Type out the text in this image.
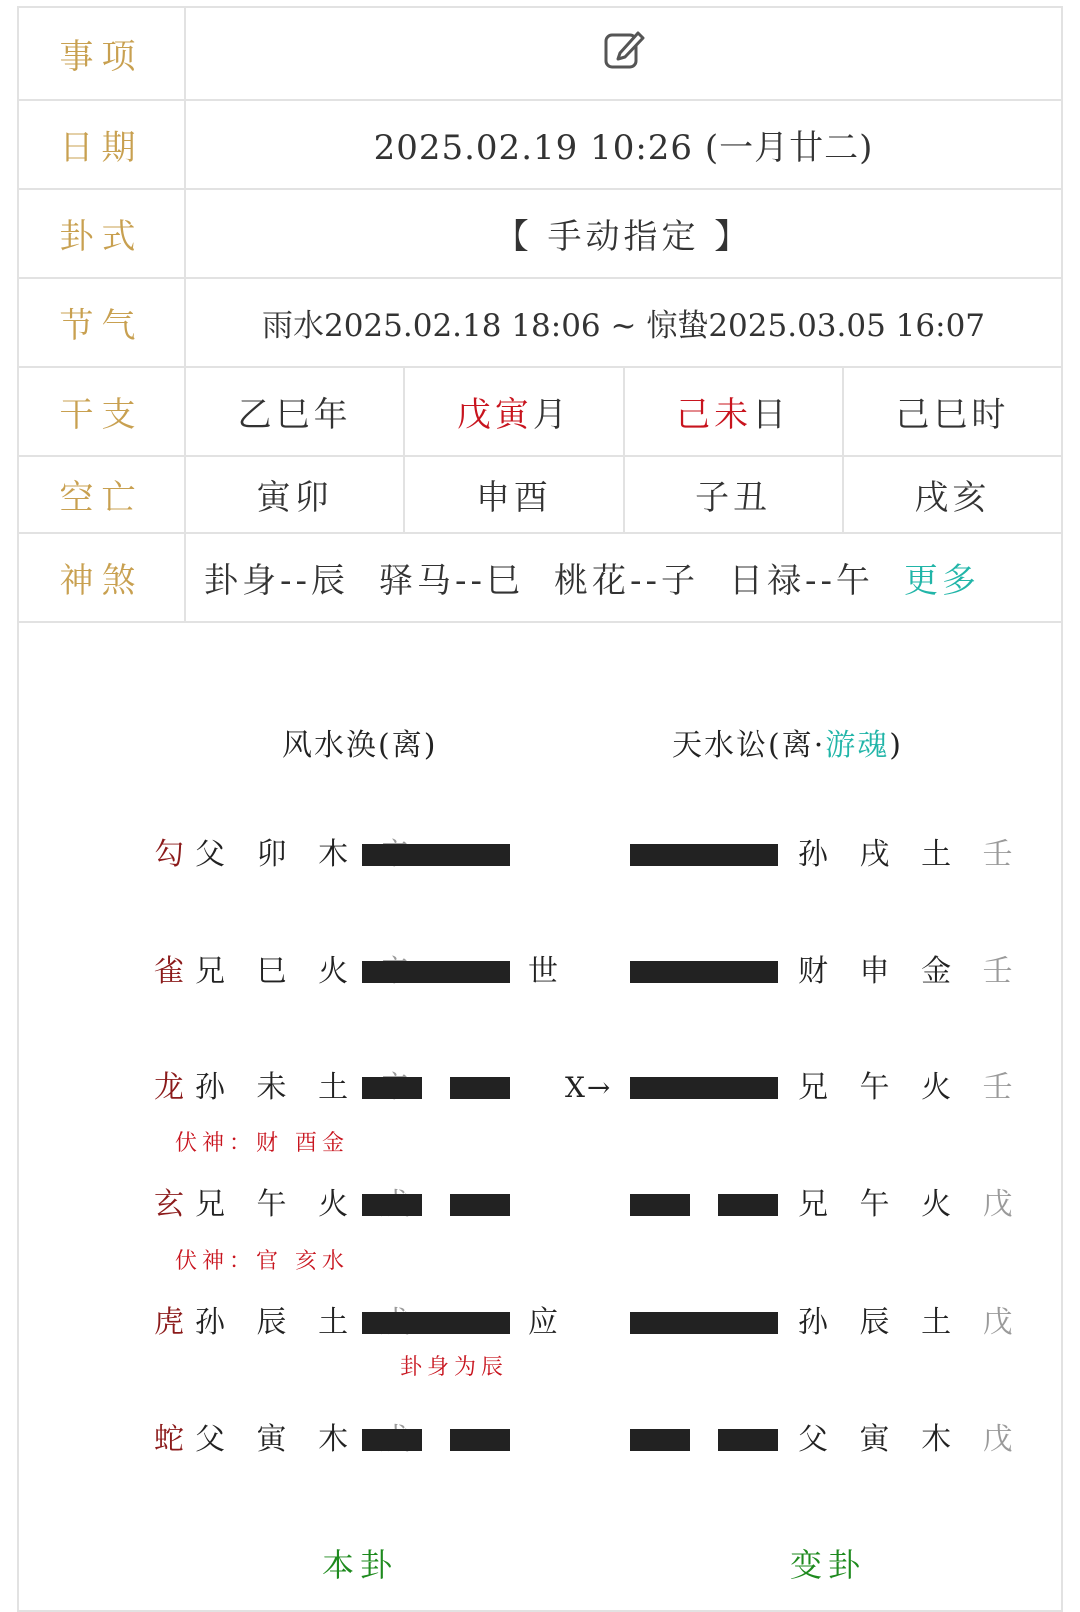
事项	
日期	2025.02.19 10:26 (一月廿二)			
卦式	【 手动指定 】			
节气	雨水2025.02.18 18:06 ~ 惊蛰2025.03.05 16:07			
干支	乙巳年	戊寅月	己未日	己巳时
空亡	寅卯	申酉	子丑	戌亥
神煞	卦身--辰 驿马--巳 桃花--子 日禄--午 更多			
风水涣(离)	天水讼(离·游魂)
勾父 卯 木	孙 戌 土 壬
雀兄 巳 火	世	财 申 金 壬
龙孙 未 土	X→	兄 午 火 壬
玄兄 午 火	兄 午 火 戊
虎孙 辰 土	应	孙 辰 土 戊
蛇父 寅 木	父 寅 木 戊
伏神：财 酉金
伏神：官 亥水
卦身为辰
本卦	变卦
